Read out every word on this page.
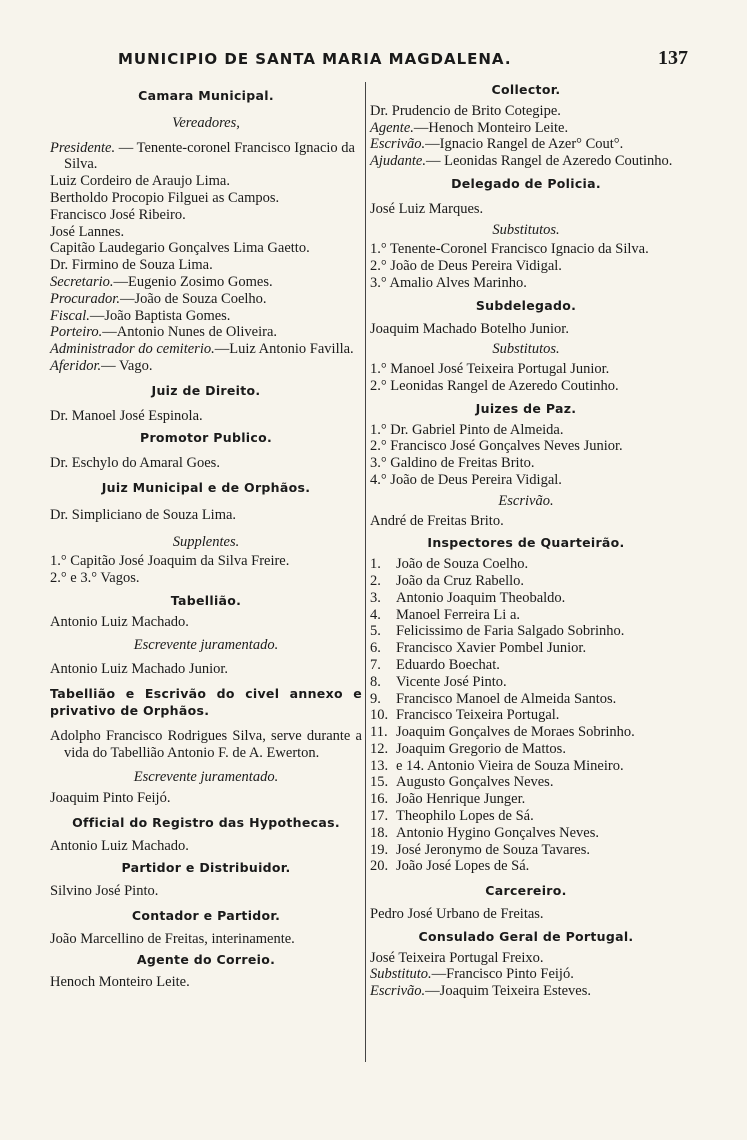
MUNICIPIO DE SANTA MARIA MAGDALENA.	137
Camara Municipal.
Vereadores,

Presidente. — Tenente-coronel Francisco Ignacio da Silva.

Luiz Cordeiro de Araujo Lima.

Bertholdo Procopio Filguei as Campos.

Francisco José Ribeiro.

José Lannes.

Capitão Laudegario Gonçalves Lima Gaetto.

Dr. Firmino de Souza Lima.

Secretario.—Eugenio Zosimo Gomes.

Procurador.—João de Souza Coelho.

Fiscal.—João Baptista Gomes.

Porteiro.—Antonio Nunes de Oliveira.

Administrador do cemiterio.—Luiz Antonio Favilla.

Aferidor.— Vago.

Juiz de Direito.

Dr. Manoel José Espinola.

Promotor Publico.

Dr. Eschylo do Amaral Goes.

Juiz Municipal e de Orphãos.

Dr. Simpliciano de Souza Lima.

Supplentes.

1.° Capitão José Joaquim da Silva Freire.

2.° e 3.° Vagos.

Tabellião.

Antonio Luiz Machado.

Escrevente juramentado.

Antonio Luiz Machado Junior.

Tabellião e Escrivão do civel annexo e privativo de Orphãos.

Adolpho Francisco Rodrigues Silva, serve durante a vida do Tabellião Antonio F. de A. Ewerton.

Escrevente juramentado.

Joaquim Pinto Feijó.

Official do Registro das Hypothecas.

Antonio Luiz Machado.

Partidor e Distribuidor.

Silvino José Pinto.

Contador e Partidor.

João Marcellino de Freitas, interinamente.

Agente do Correio.

Henoch Monteiro Leite.

Collector.

Dr. Prudencio de Brito Cotegipe.

Agente.—Henoch Monteiro Leite.

Escrivão.—Ignacio Rangel de Azer° Cout°.

Ajudante.— Leonidas Rangel de Azeredo Coutinho.

Delegado de Policia.

José Luiz Marques.

Substitutos.

1.° Tenente-Coronel Francisco Ignacio da Silva.

2.° João de Deus Pereira Vidigal.

3.° Amalio Alves Marinho.

Subdelegado.

Joaquim Machado Botelho Junior.

Substitutos.

1.° Manoel José Teixeira Portugal Junior.

2.° Leonidas Rangel de Azeredo Coutinho.

Juizes de Paz.

1.° Dr. Gabriel Pinto de Almeida.

2.° Francisco José Gonçalves Neves Junior.

3.° Galdino de Freitas Brito.

4.° João de Deus Pereira Vidigal.

Escrivão.

André de Freitas Brito.

Inspectores de Quarteirão.
1.	João de Souza Coelho.
2.	João da Cruz Rabello.
3.	Antonio Joaquim Theobaldo.
4.	Manoel Ferreira Li a.
5.	Felicissimo de Faria Salgado Sobrinho.
6.	Francisco Xavier Pombel Junior.
7.	Eduardo Boechat.
8.	Vicente José Pinto.
9.	Francisco Manoel de Almeida Santos.
10. Francisco Teixeira Portugal.
11. Joaquim Gonçalves de Moraes Sobrinho.
12. Joaquim Gregorio de Mattos.
13. e 14. Antonio Vieira de Souza Mineiro.
15. Augusto Gonçalves Neves.
16. João Henrique Junger.
17. Theophilo Lopes de Sá.
18. Antonio Hygino Gonçalves Neves.
19. José Jeronymo de Souza Tavares.
20. João José Lopes de Sá.
Carcereiro.

Pedro José Urbano de Freitas.

Consulado Geral de Portugal.

José Teixeira Portugal Freixo.

Substituto.—Francisco Pinto Feijó.

Escrivão.—Joaquim Teixeira Esteves.
